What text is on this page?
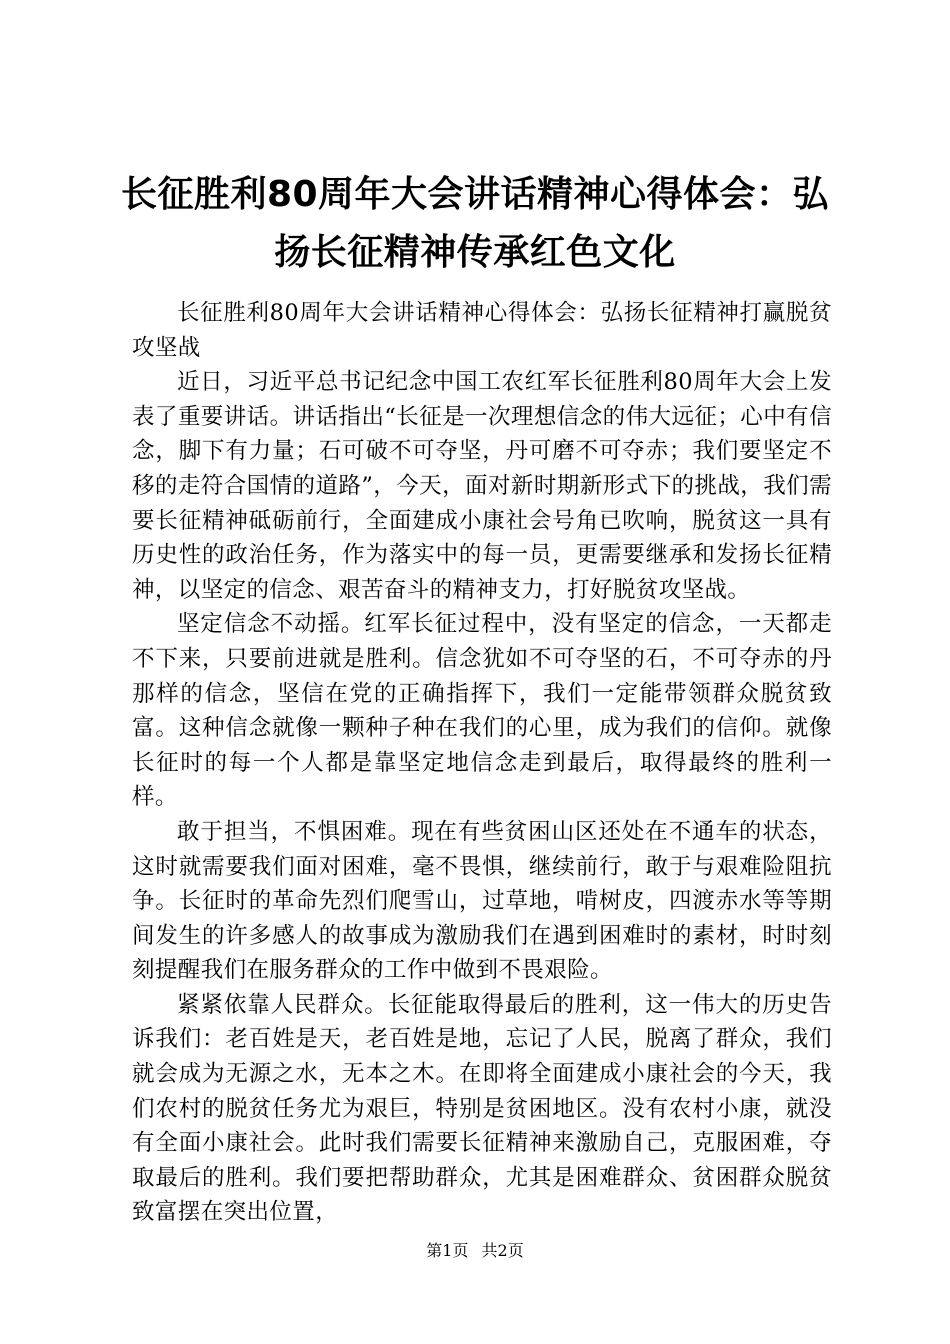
长征胜利80周年大会讲话精神心得体会：弘
扬长征精神传承红色文化

长征胜利80周年大会讲话精神心得体会：弘扬长征精神打赢脱贫攻坚战

近日，习近平总书记纪念中国工农红军长征胜利80周年大会上发表了重要讲话。讲话指出“长征是一次理想信念的伟大远征；心中有信念，脚下有力量；石可破不可夺坚，丹可磨不可夺赤；我们要坚定不移的走符合国情的道路”，今天，面对新时期新形式下的挑战，我们需要长征精神砥砺前行，全面建成小康社会号角已吹响，脱贫这一具有历史性的政治任务，作为落实中的每一员，更需要继承和发扬长征精神，以坚定的信念、艰苦奋斗的精神支力，打好脱贫攻坚战。

坚定信念不动摇。红军长征过程中，没有坚定的信念，一天都走不下来，只要前进就是胜利。信念犹如不可夺坚的石，不可夺赤的丹那样的信念，坚信在党的正确指挥下，我们一定能带领群众脱贫致富。这种信念就像一颗种子种在我们的心里，成为我们的信仰。就像长征时的每一个人都是靠坚定地信念走到最后，取得最终的胜利一样。

敢于担当，不惧困难。现在有些贫困山区还处在不通车的状态，这时就需要我们面对困难，毫不畏惧，继续前行，敢于与艰难险阻抗争。长征时的革命先烈们爬雪山，过草地，啃树皮，四渡赤水等等期间发生的许多感人的故事成为激励我们在遇到困难时的素材，时时刻刻提醒我们在服务群众的工作中做到不畏艰险。

紧紧依靠人民群众。长征能取得最后的胜利，这一伟大的历史告诉我们：老百姓是天，老百姓是地，忘记了人民，脱离了群众，我们就会成为无源之水，无本之木。在即将全面建成小康社会的今天，我们农村的脱贫任务尤为艰巨，特别是贫困地区。没有农村小康，就没有全面小康社会。此时我们需要长征精神来激励自己，克服困难，夺取最后的胜利。我们要把帮助群众，尤其是困难群众、贫困群众脱贫致富摆在突出位置，

第1页 共2页
